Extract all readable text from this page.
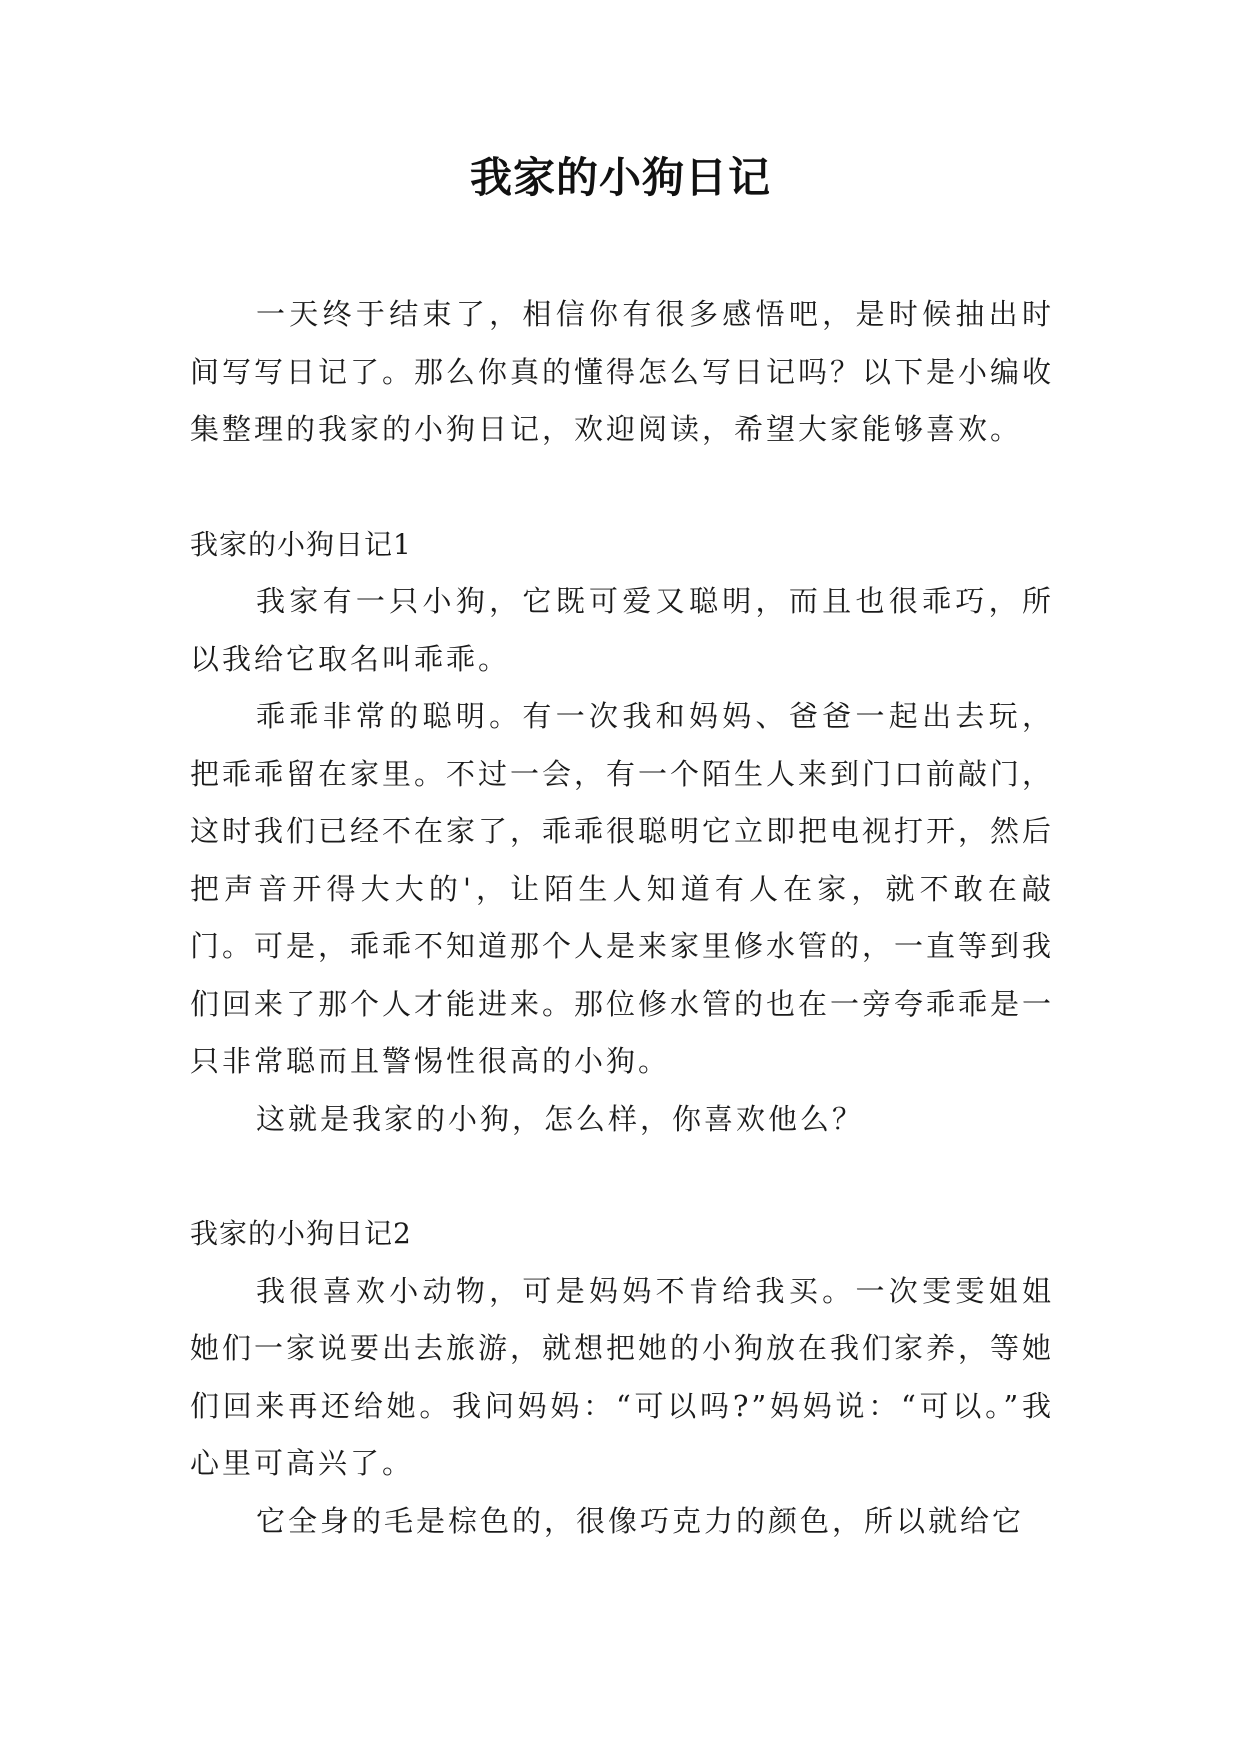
我家的小狗日记

一天终于结束了，相信你有很多感悟吧，是时候抽出时间写写日记了。那么你真的懂得怎么写日记吗？以下是小编收集整理的我家的小狗日记，欢迎阅读，希望大家能够喜欢。

我家的小狗日记1

我家有一只小狗，它既可爱又聪明，而且也很乖巧，所以我给它取名叫乖乖。

乖乖非常的聪明。有一次我和妈妈、爸爸一起出去玩，把乖乖留在家里。不过一会，有一个陌生人来到门口前敲门，这时我们已经不在家了，乖乖很聪明它立即把电视打开，然后把声音开得大大的'，让陌生人知道有人在家，就不敢在敲门。可是，乖乖不知道那个人是来家里修水管的，一直等到我们回来了那个人才能进来。那位修水管的也在一旁夸乖乖是一只非常聪而且警惕性很高的小狗。

这就是我家的小狗，怎么样，你喜欢他么？

我家的小狗日记2

我很喜欢小动物，可是妈妈不肯给我买。一次雯雯姐姐她们一家说要出去旅游，就想把她的小狗放在我们家养，等她们回来再还给她。我问妈妈：“可以吗?”妈妈说：“可以。”我心里可高兴了。

它全身的毛是棕色的，很像巧克力的颜色，所以就给它
